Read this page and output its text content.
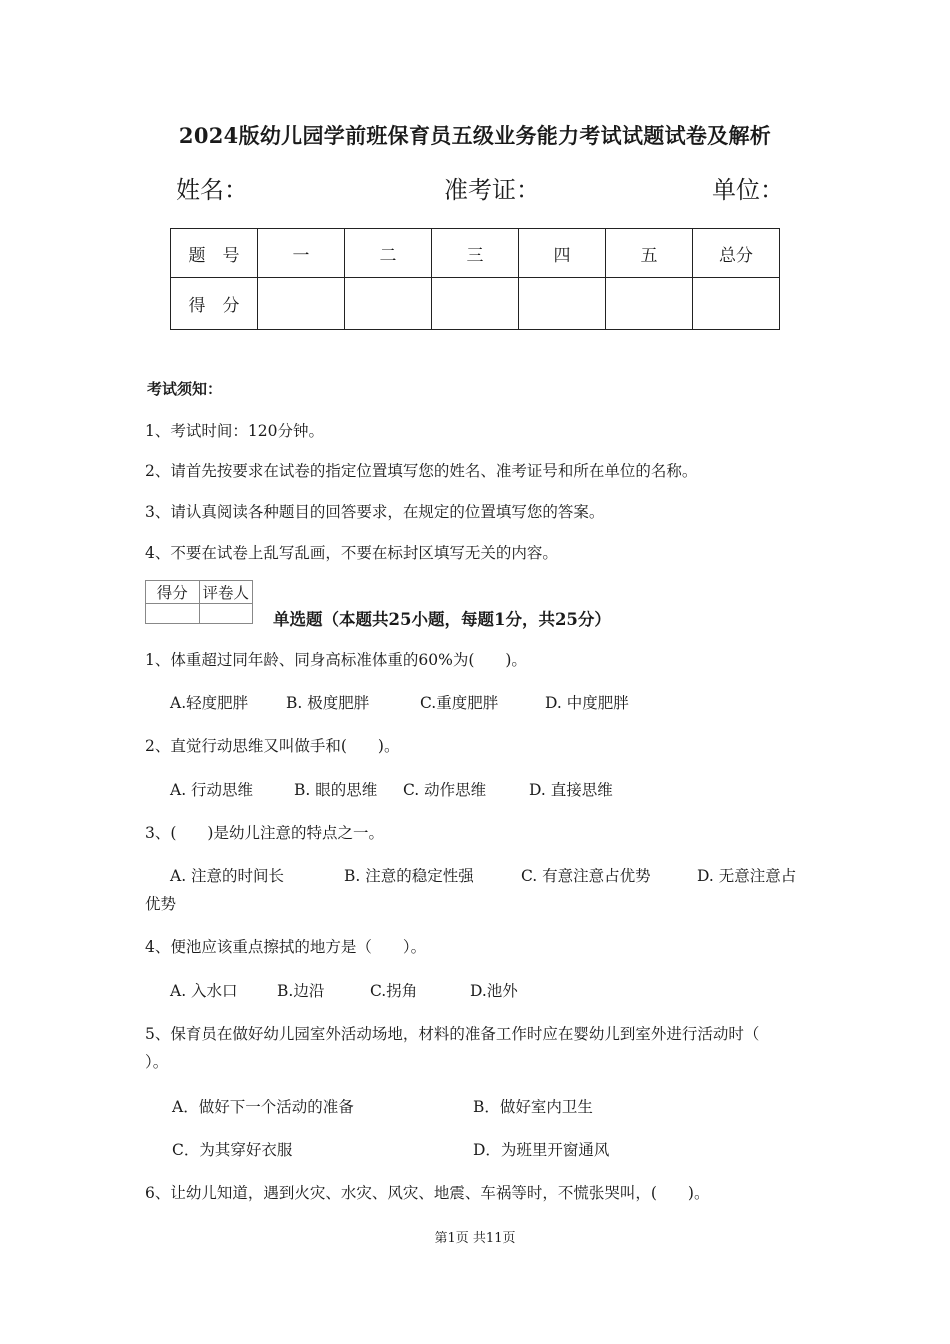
2024版幼儿园学前班保育员五级业务能力考试试题试卷及解析
姓名：	准考证：	单位：
题　号	一	二	三	四	五	总分
得　分						
考试须知：
1、考试时间：120分钟。
2、请首先按要求在试卷的指定位置填写您的姓名、准考证号和所在单位的名称。
3、请认真阅读各种题目的回答要求，在规定的位置填写您的答案。
4、不要在试卷上乱写乱画，不要在标封区填写无关的内容。
得分	评卷人

单选题（本题共25小题，每题1分，共25分）
1、体重超过同年龄、同身高标准体重的60%为(　　)。
A.轻度肥胖 B. 极度肥胖	C.重度肥胖	D. 中度肥胖
2、直觉行动思维又叫做手和(　　)。
A. 行动思维	B. 眼的思维 C. 动作思维	D. 直接思维
3、(　　)是幼儿注意的特点之一。
A. 注意的时间长	B. 注意的稳定性强	C. 有意注意占优势	D. 无意注意占
优势
4、便池应该重点擦拭的地方是（　　）。
A. 入水口	B.边沿	C.拐角	D.池外
5、保育员在做好幼儿园室外活动场地，材料的准备工作时应在婴幼儿到室外进行活动时（
）。
A．做好下一个活动的准备	B．做好室内卫生
C．为其穿好衣服	D．为班里开窗通风
6、让幼儿知道，遇到火灾、水灾、风灾、地震、车祸等时，不慌张哭叫，(　　)。
第1页 共11页
